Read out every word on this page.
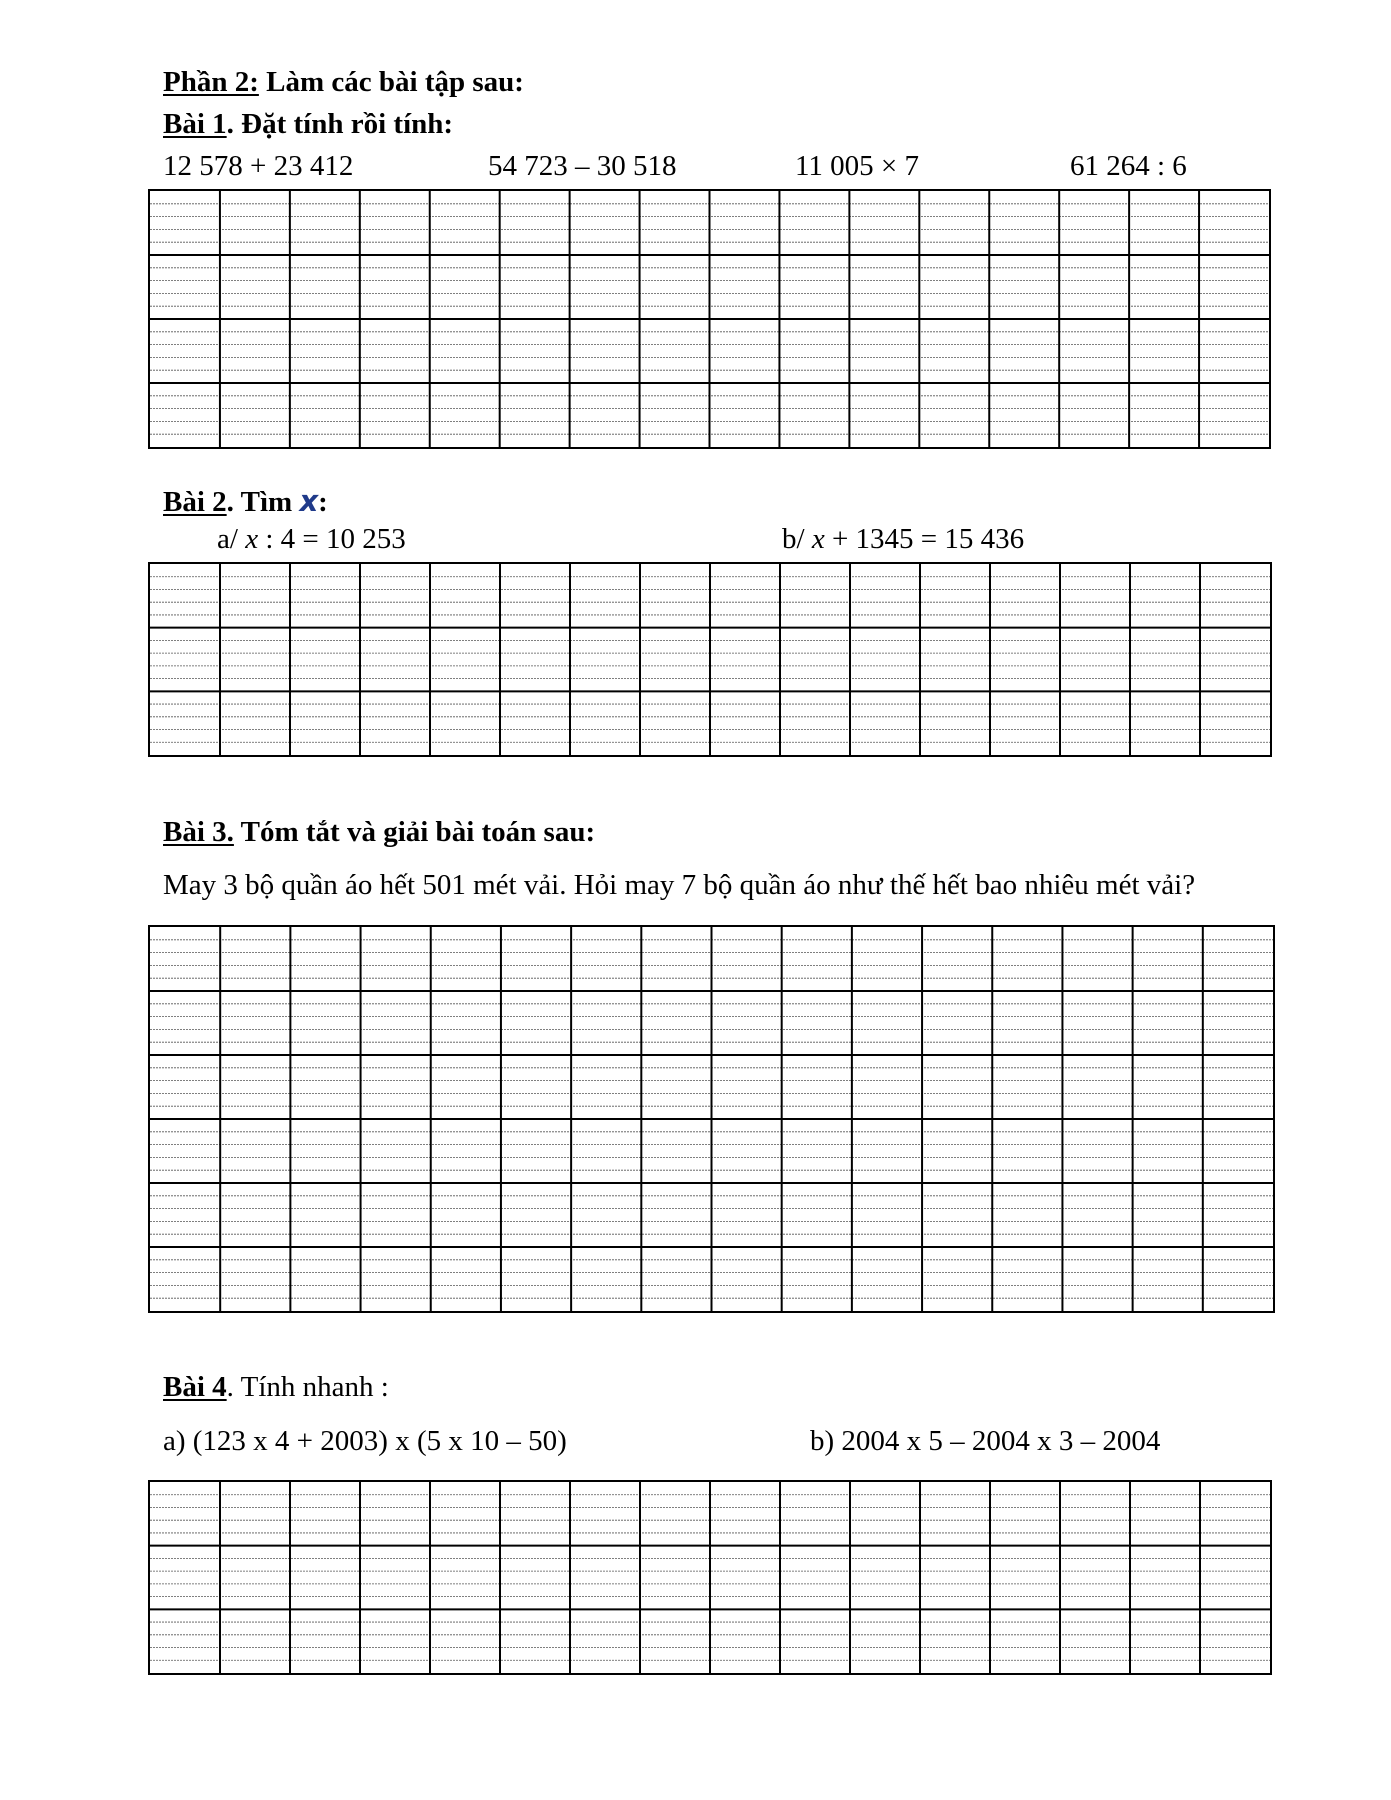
Phần 2: Làm các bài tập sau:
Bài 1. Đặt tính rồi tính:
12 578 + 23 412	54 723 – 30 518	11 005 × 7	61 264 : 6
Bài 2. Tìm x:
a/ x : 4 = 10 253	b/ x + 1345 = 15 436
Bài 3. Tóm tắt và giải bài toán sau:
May 3 bộ quần áo hết 501 mét vải. Hỏi may 7 bộ quần áo như thế hết bao nhiêu mét vải?
Bài 4. Tính nhanh :
a) (123 x 4 + 2003) x (5 x 10 – 50)	b) 2004 x 5 – 2004 x 3 – 2004
